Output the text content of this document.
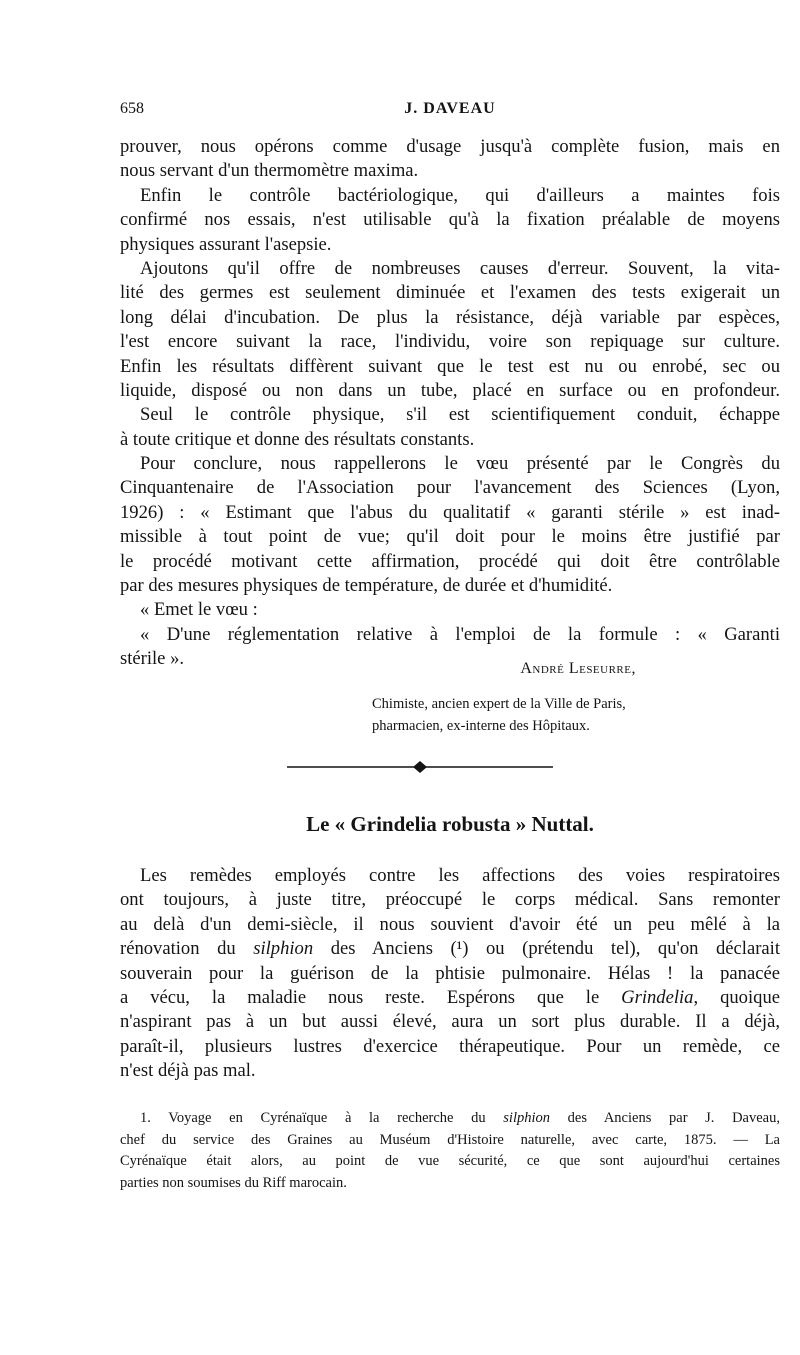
658	J. DAVEAU
prouver, nous opérons comme d'usage jusqu'à complète fusion, mais en
nous servant d'un thermomètre maxima.
Enfin le contrôle bactériologique, qui d'ailleurs a maintes fois
confirmé nos essais, n'est utilisable qu'à la fixation préalable de moyens
physiques assurant l'asepsie.
Ajoutons qu'il offre de nombreuses causes d'erreur. Souvent, la vita-
lité des germes est seulement diminuée et l'examen des tests exigerait un
long délai d'incubation. De plus la résistance, déjà variable par espèces,
l'est encore suivant la race, l'individu, voire son repiquage sur culture.
Enfin les résultats diffèrent suivant que le test est nu ou enrobé, sec ou
liquide, disposé ou non dans un tube, placé en surface ou en profondeur.
Seul le contrôle physique, s'il est scientifiquement conduit, échappe
à toute critique et donne des résultats constants.
Pour conclure, nous rappellerons le vœu présenté par le Congrès du
Cinquantenaire de l'Association pour l'avancement des Sciences (Lyon,
1926) : « Estimant que l'abus du qualitatif « garanti stérile » est inad-
missible à tout point de vue; qu'il doit pour le moins être justifié par
le procédé motivant cette affirmation, procédé qui doit être contrôlable
par des mesures physiques de température, de durée et d'humidité.
« Emet le vœu :
« D'une réglementation relative à l'emploi de la formule : « Garanti
stérile ».	André Leseurre,
Chimiste, ancien expert de la Ville de Paris,
pharmacien, ex-interne des Hôpitaux.
Le « Grindelia robusta » Nuttal.
Les remèdes employés contre les affections des voies respiratoires
ont toujours, à juste titre, préoccupé le corps médical. Sans remonter
au delà d'un demi-siècle, il nous souvient d'avoir été un peu mêlé à la
rénovation du silphion des Anciens (¹) ou (prétendu tel), qu'on déclarait
souverain pour la guérison de la phtisie pulmonaire. Hélas ! la panacée
a vécu, la maladie nous reste. Espérons que le Grindelia, quoique
n'aspirant pas à un but aussi élevé, aura un sort plus durable. Il a déjà,
paraît-il, plusieurs lustres d'exercice thérapeutique. Pour un remède, ce
n'est déjà pas mal.
1. Voyage en Cyrénaïque à la recherche du silphion des Anciens par J. Daveau,
chef du service des Graines au Muséum d'Histoire naturelle, avec carte, 1875. — La
Cyrénaïque était alors, au point de vue sécurité, ce que sont aujourd'hui certaines
parties non soumises du Riff marocain.
